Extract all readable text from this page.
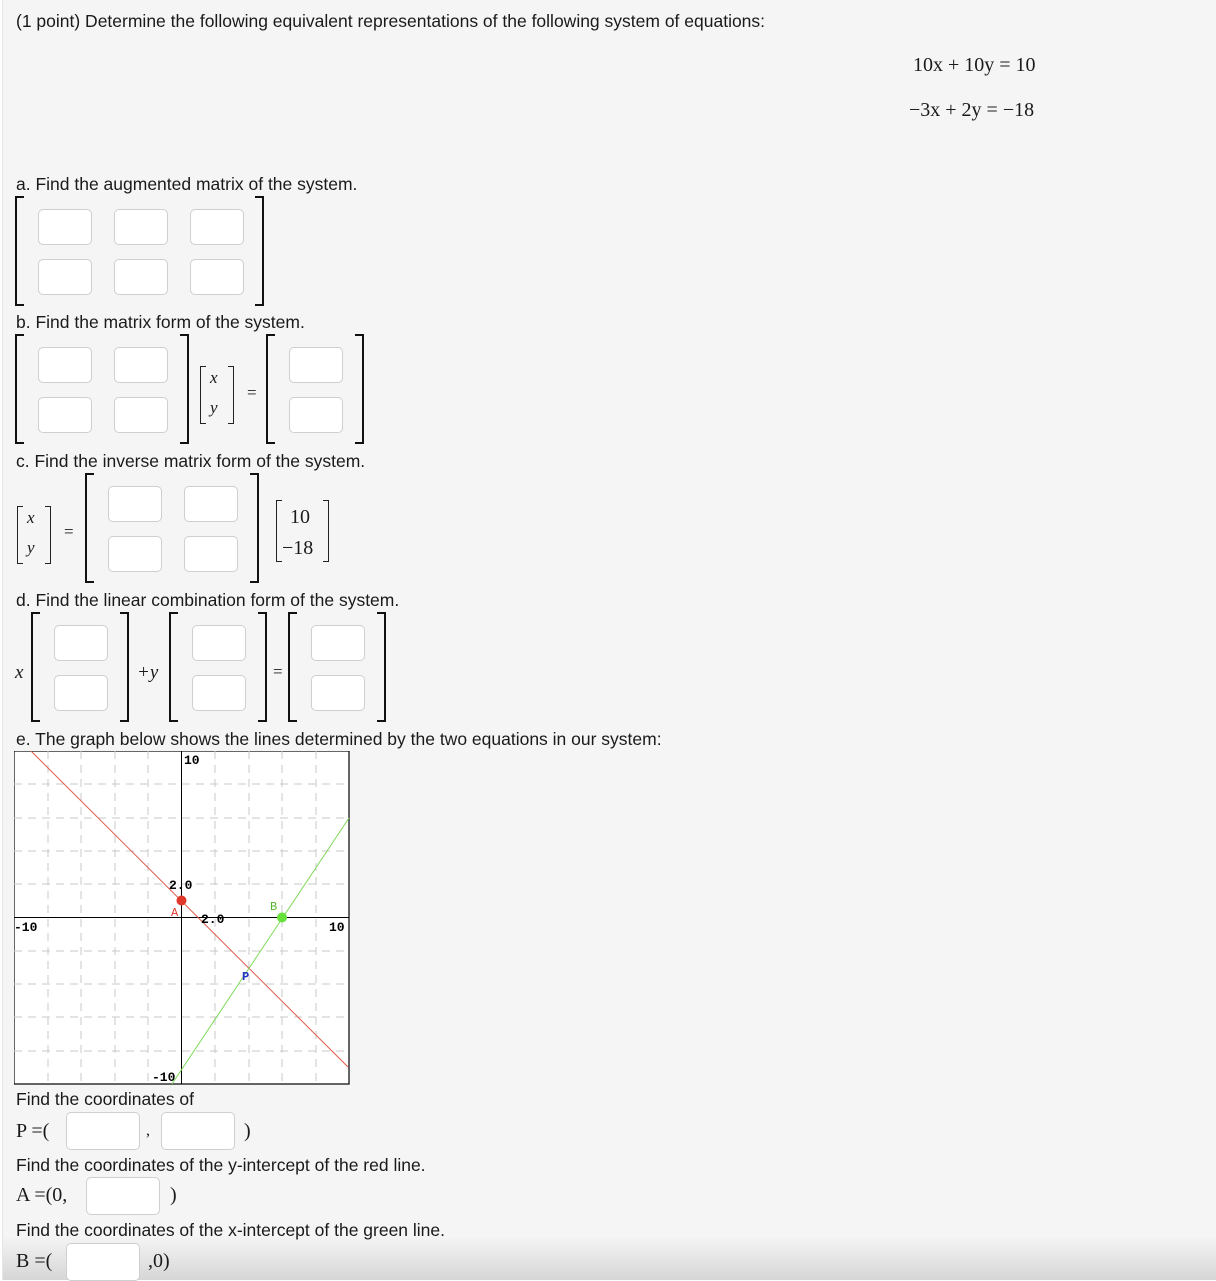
(1 point) Determine the following equivalent representations of the following system of equations:
10x + 10y = 10
−3x + 2y = −18
a. Find the augmented matrix of the system.
b. Find the matrix form of the system.
x
y
=
c. Find the inverse matrix form of the system.
x
y
=
10
−18
d. Find the linear combination form of the system.
x	+y	=
e. The graph below shows the lines determined by the two equations in our system:
A	B
P
10
-10
-10	10
2.0
2.0
Find the coordinates of
P =(	,	)
Find the coordinates of the y-intercept of the red line.
A =(0,	)
Find the coordinates of the x-intercept of the green line.
B =(	,0)
